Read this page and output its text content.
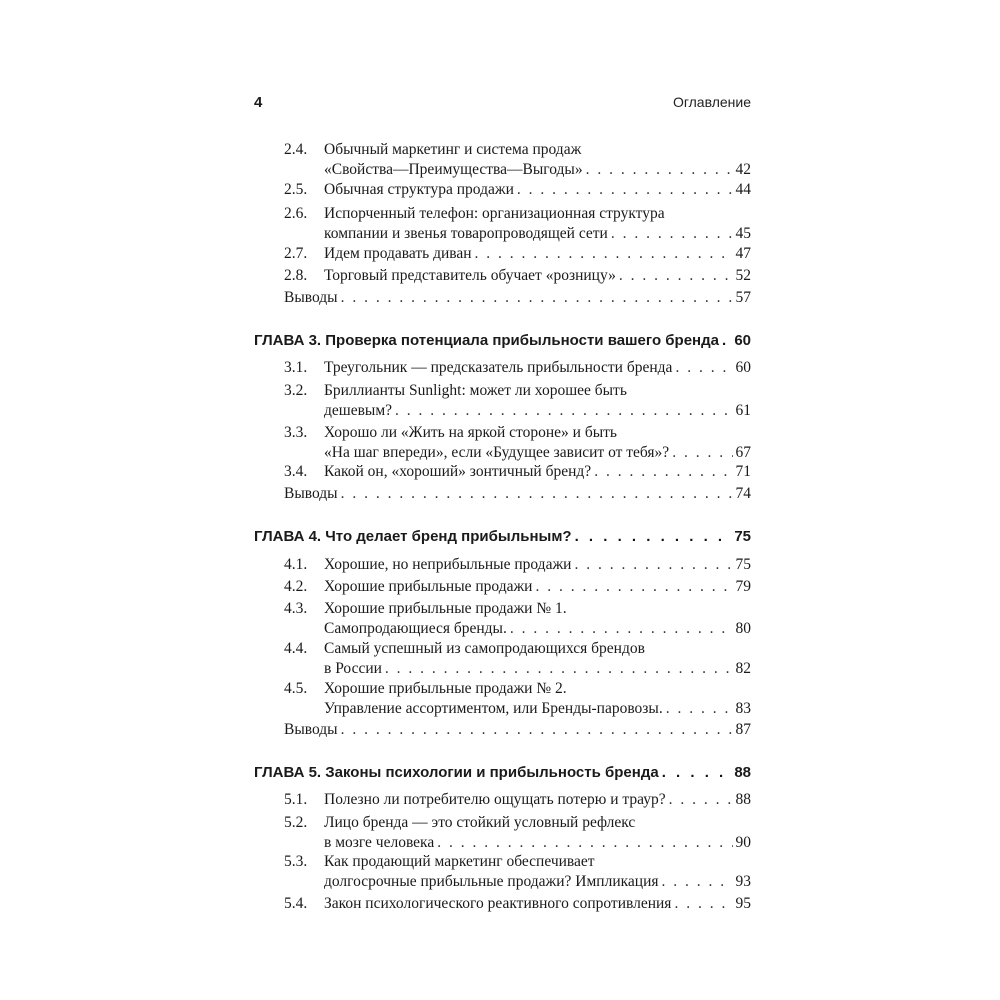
4	Оглавление
2.4.	Обычный маркетинг и система продаж
«Свойства—Преимущества—Выгоды» . . .	42
2.5.	Обычная структура продажи . . .	44
2.6.	Испорченный телефон: организационная структура
компании и звенья товаропроводящей сети . . .	45
2.7.	Идем продавать диван . . .	47
2.8.	Торговый представитель обучает «розницу» . . .	52
Выводы . . .	57
ГЛАВА 3. Проверка потенциала прибыльности вашего бренда . . . 60
3.1.	Треугольник — предсказатель прибыльности бренда . . .	60
3.2.	Бриллианты Sunlight: может ли хорошее быть
дешевым? . . .	61
3.3.	Хорошо ли «Жить на яркой стороне» и быть
«На шаг впереди», если «Будущее зависит от тебя»? . . .	67
3.4.	Какой он, «хороший» зонтичный бренд? . . .	71
Выводы . . .	74
ГЛАВА 4. Что делает бренд прибыльным? . . .	75
4.1.	Хорошие, но неприбыльные продажи . . .	75
4.2.	Хорошие прибыльные продажи . . .	79
4.3.	Хорошие прибыльные продажи № 1.
Самопродающиеся бренды. . . .	80
4.4.	Самый успешный из самопродающихся брендов
в России . . .	82
4.5.	Хорошие прибыльные продажи № 2.
Управление ассортиментом, или Бренды-паровозы. . . .	83
Выводы . . .	87
ГЛАВА 5. Законы психологии и прибыльность бренда . . .	88
5.1.	Полезно ли потребителю ощущать потерю и траур? . . .	88
5.2.	Лицо бренда — это стойкий условный рефлекс
в мозге человека . . .	90
5.3.	Как продающий маркетинг обеспечивает
долгосрочные прибыльные продажи? Импликация . . .	93
5.4.	Закон психологического реактивного сопротивления . . .	95
